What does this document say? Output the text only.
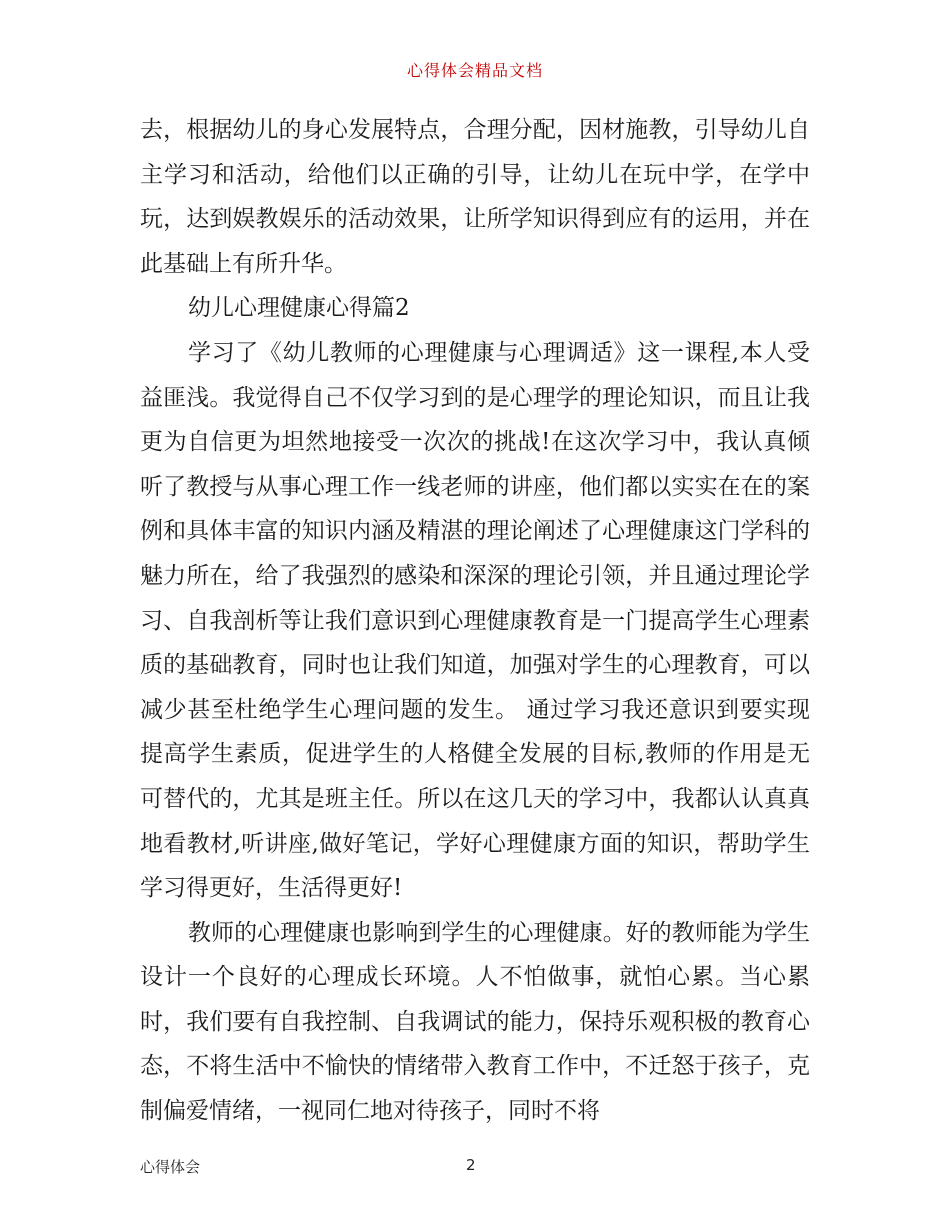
心得体会精品文档

去，根据幼儿的身心发展特点，合理分配，因材施教，引导幼儿自主学习和活动，给他们以正确的引导，让幼儿在玩中学，在学中玩，达到娱教娱乐的活动效果，让所学知识得到应有的运用，并在此基础上有所升华。

幼儿心理健康心得篇2

学习了《幼儿教师的心理健康与心理调适》这一课程,本人受益匪浅。我觉得自己不仅学习到的是心理学的理论知识，而且让我更为自信更为坦然地接受一次次的挑战!在这次学习中，我认真倾听了教授与从事心理工作一线老师的讲座，他们都以实实在在的案例和具体丰富的知识内涵及精湛的理论阐述了心理健康这门学科的魅力所在，给了我强烈的感染和深深的理论引领，并且通过理论学习、自我剖析等让我们意识到心理健康教育是一门提高学生心理素质的基础教育，同时也让我们知道，加强对学生的心理教育，可以减少甚至杜绝学生心理问题的发生。 通过学习我还意识到要实现提高学生素质，促进学生的人格健全发展的目标,教师的作用是无可替代的，尤其是班主任。所以在这几天的学习中，我都认认真真地看教材,听讲座,做好笔记，学好心理健康方面的知识，帮助学生学习得更好，生活得更好!

教师的心理健康也影响到学生的心理健康。好的教师能为学生设计一个良好的心理成长环境。人不怕做事，就怕心累。当心累时，我们要有自我控制、自我调试的能力，保持乐观积极的教育心态，不将生活中不愉快的情绪带入教育工作中，不迁怒于孩子，克制偏爱情绪，一视同仁地对待孩子，同时不将

心得体会	2
